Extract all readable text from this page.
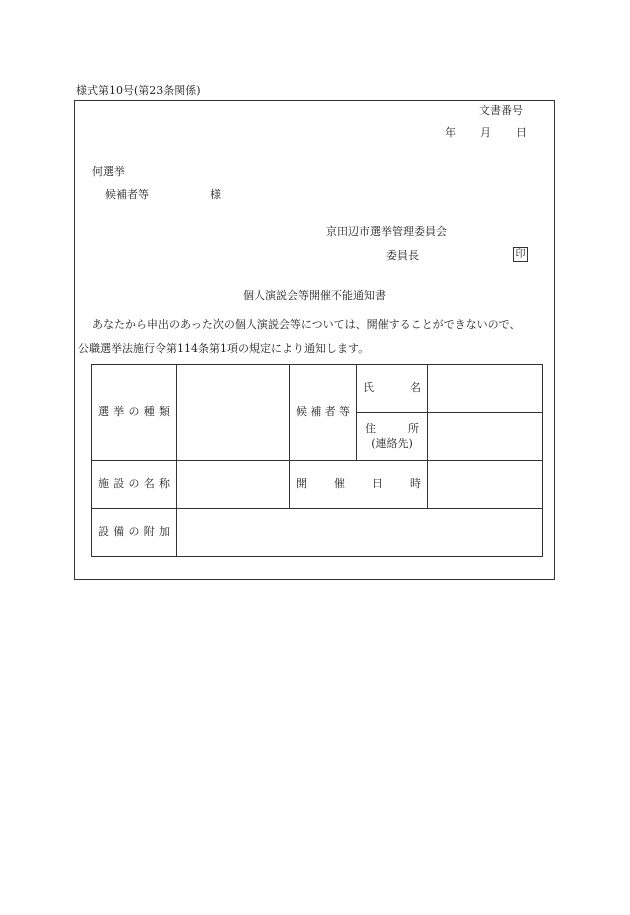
様式第10号(第23条関係)
文書番号
年 月 日
何選挙
候補者等	様
京田辺市選挙管理委員会
委員長	印
個人演説会等開催不能通知書
あなたから申出のあった次の個人演説会等については、開催することができないので、
公職選挙法施行令第114条第1項の規定により通知します。
選挙の種類		候補者等	氏　名	

			住 所
(連絡先)	

施設の名称		開　催　日　時		
設備の附加				
